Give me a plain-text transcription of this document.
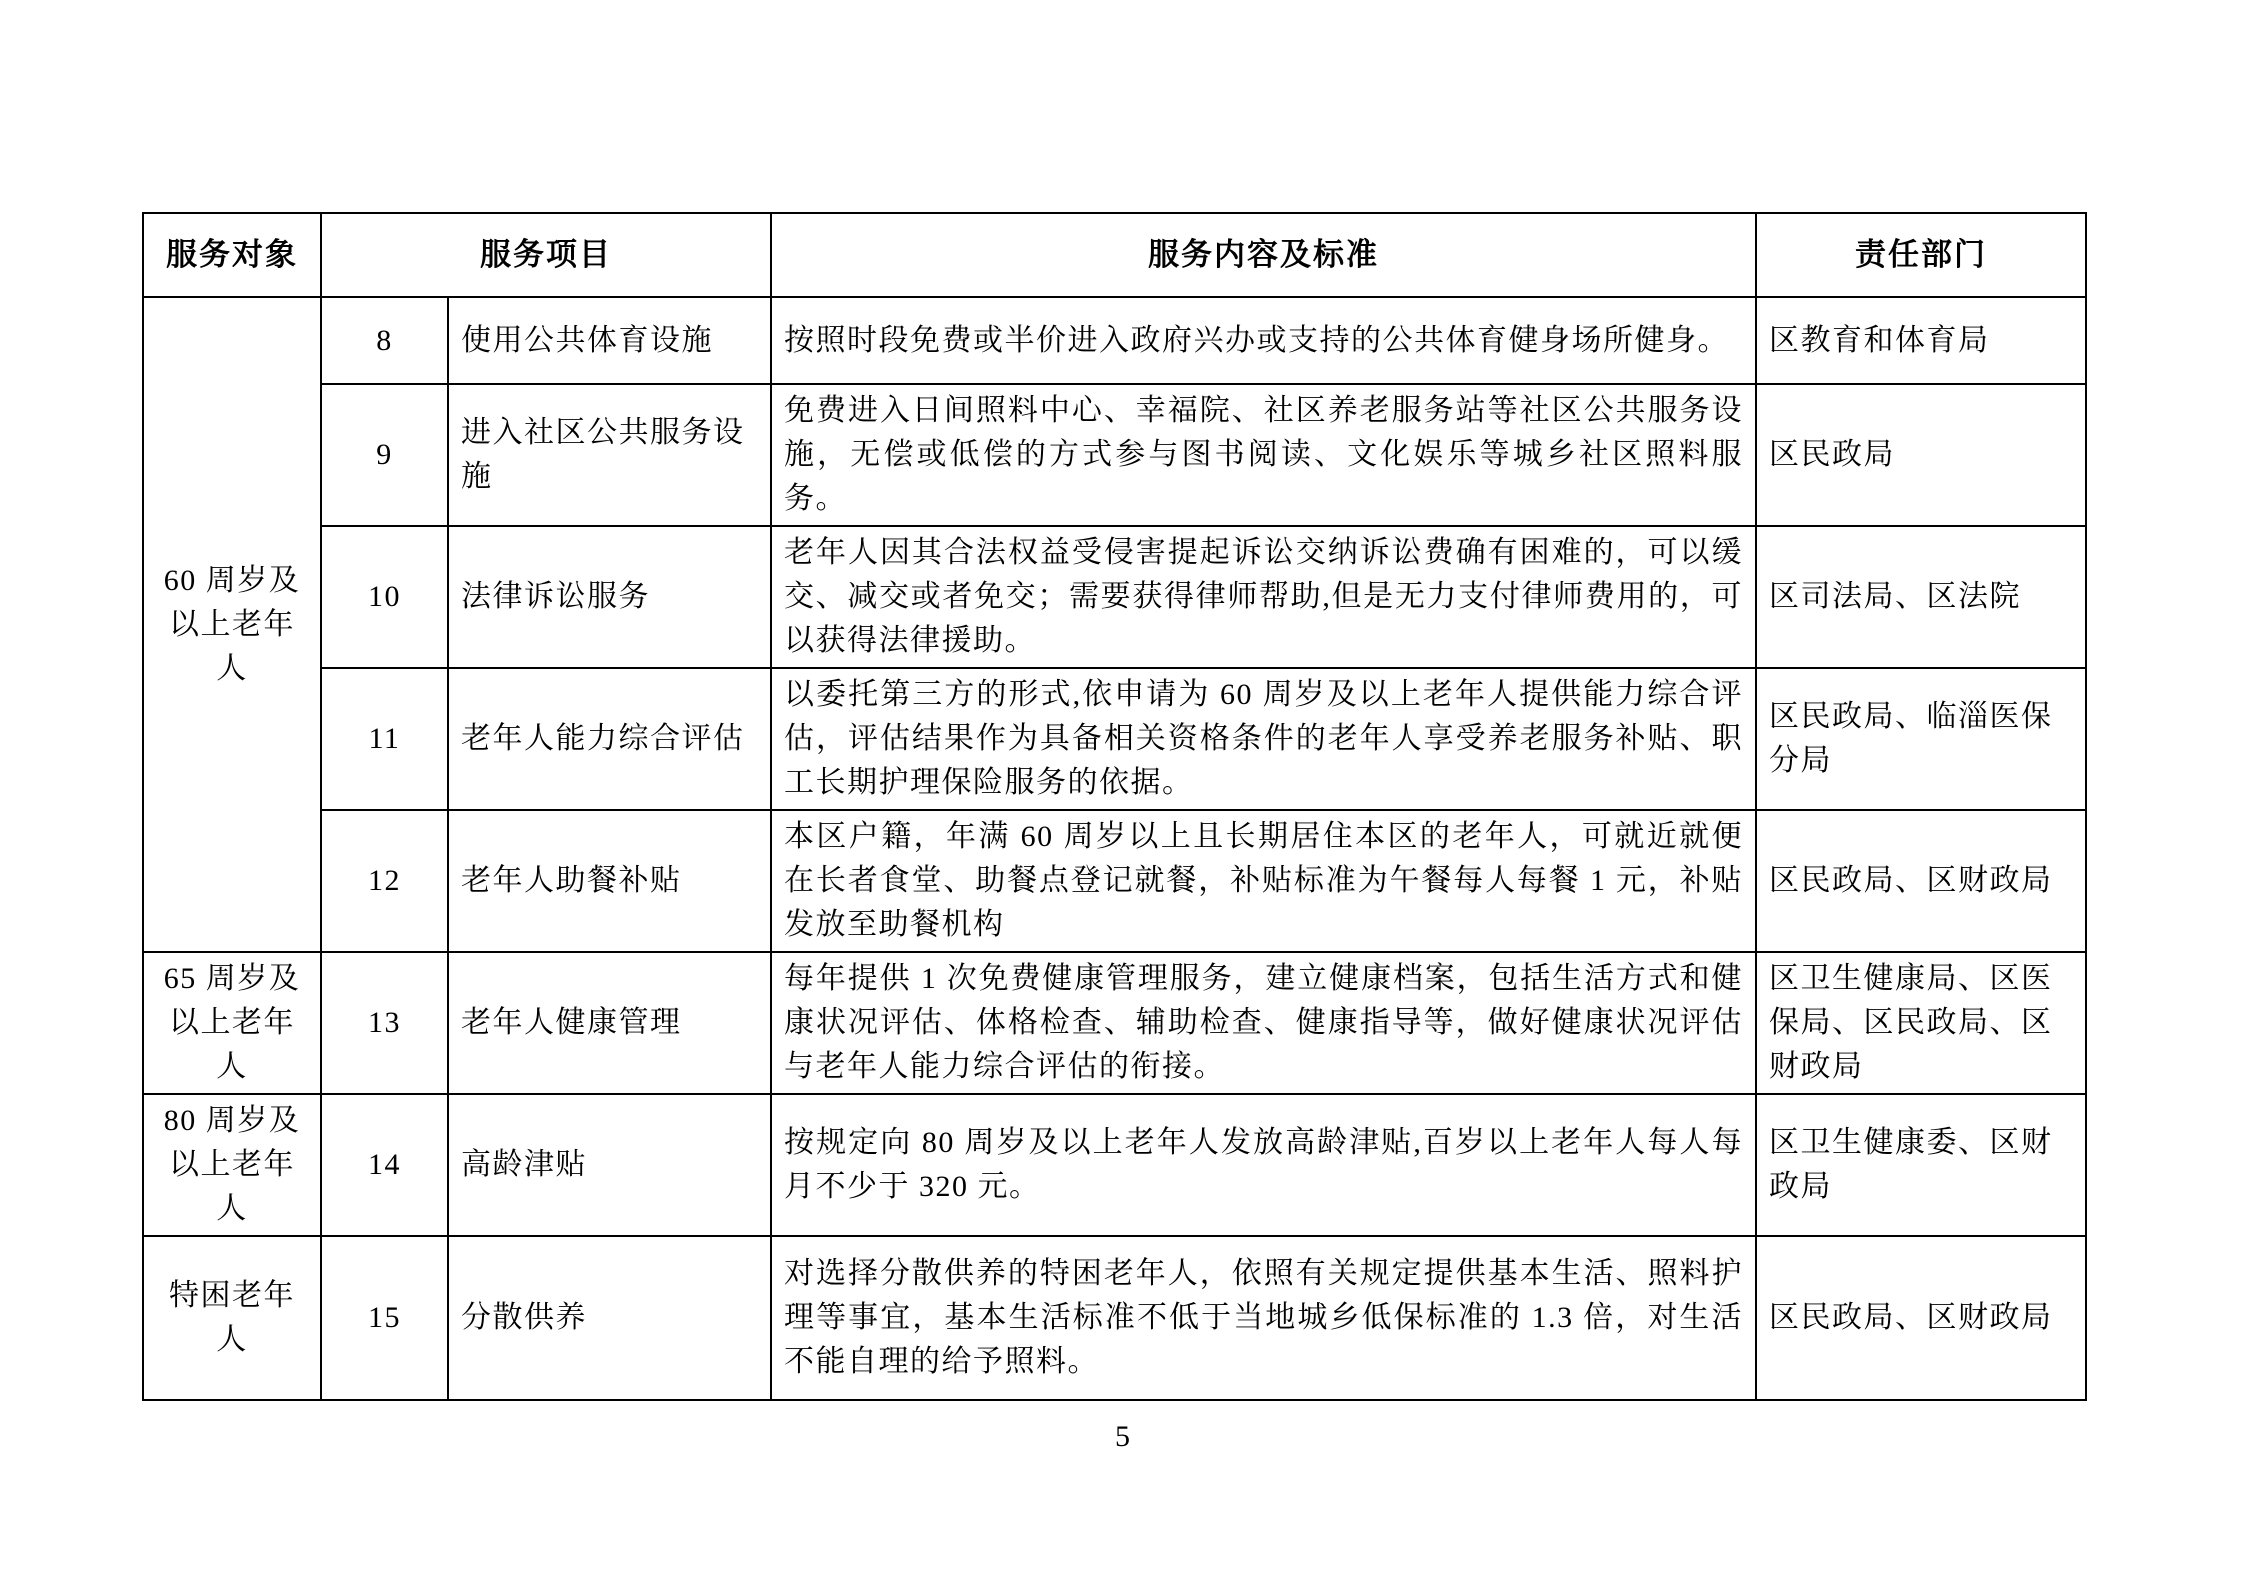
服务对象	服务项目		服务内容及标准	责任部门
60 周岁及以上老年人	8	使用公共体育设施	按照时段免费或半价进入政府兴办或支持的公共体育健身场所健身。	区教育和体育局
	9	进入社区公共服务设施	免费进入日间照料中心、幸福院、社区养老服务站等社区公共服务设施，无偿或低偿的方式参与图书阅读、文化娱乐等城乡社区照料服务。	区民政局
	10	法律诉讼服务	老年人因其合法权益受侵害提起诉讼交纳诉讼费确有困难的，可以缓交、减交或者免交；需要获得律师帮助,但是无力支付律师费用的，可以获得法律援助。	区司法局、区法院
	11	老年人能力综合评估	以委托第三方的形式,依申请为 60 周岁及以上老年人提供能力综合评估，评估结果作为具备相关资格条件的老年人享受养老服务补贴、职工长期护理保险服务的依据。	区民政局、临淄医保分局
	12	老年人助餐补贴	本区户籍，年满 60 周岁以上且长期居住本区的老年人，可就近就便在长者食堂、助餐点登记就餐，补贴标准为午餐每人每餐 1 元，补贴发放至助餐机构	区民政局、区财政局
65 周岁及以上老年人	13	老年人健康管理	每年提供 1 次免费健康管理服务，建立健康档案，包括生活方式和健康状况评估、体格检查、辅助检查、健康指导等，做好健康状况评估与老年人能力综合评估的衔接。	区卫生健康局、区医保局、区民政局、区财政局
80 周岁及以上老年人	14	高龄津贴	按规定向 80 周岁及以上老年人发放高龄津贴,百岁以上老年人每人每月不少于 320 元。	区卫生健康委、区财政局
特困老年人	15	分散供养	对选择分散供养的特困老年人，依照有关规定提供基本生活、照料护理等事宜，基本生活标准不低于当地城乡低保标准的 1.3 倍，对生活不能自理的给予照料。	区民政局、区财政局
5
